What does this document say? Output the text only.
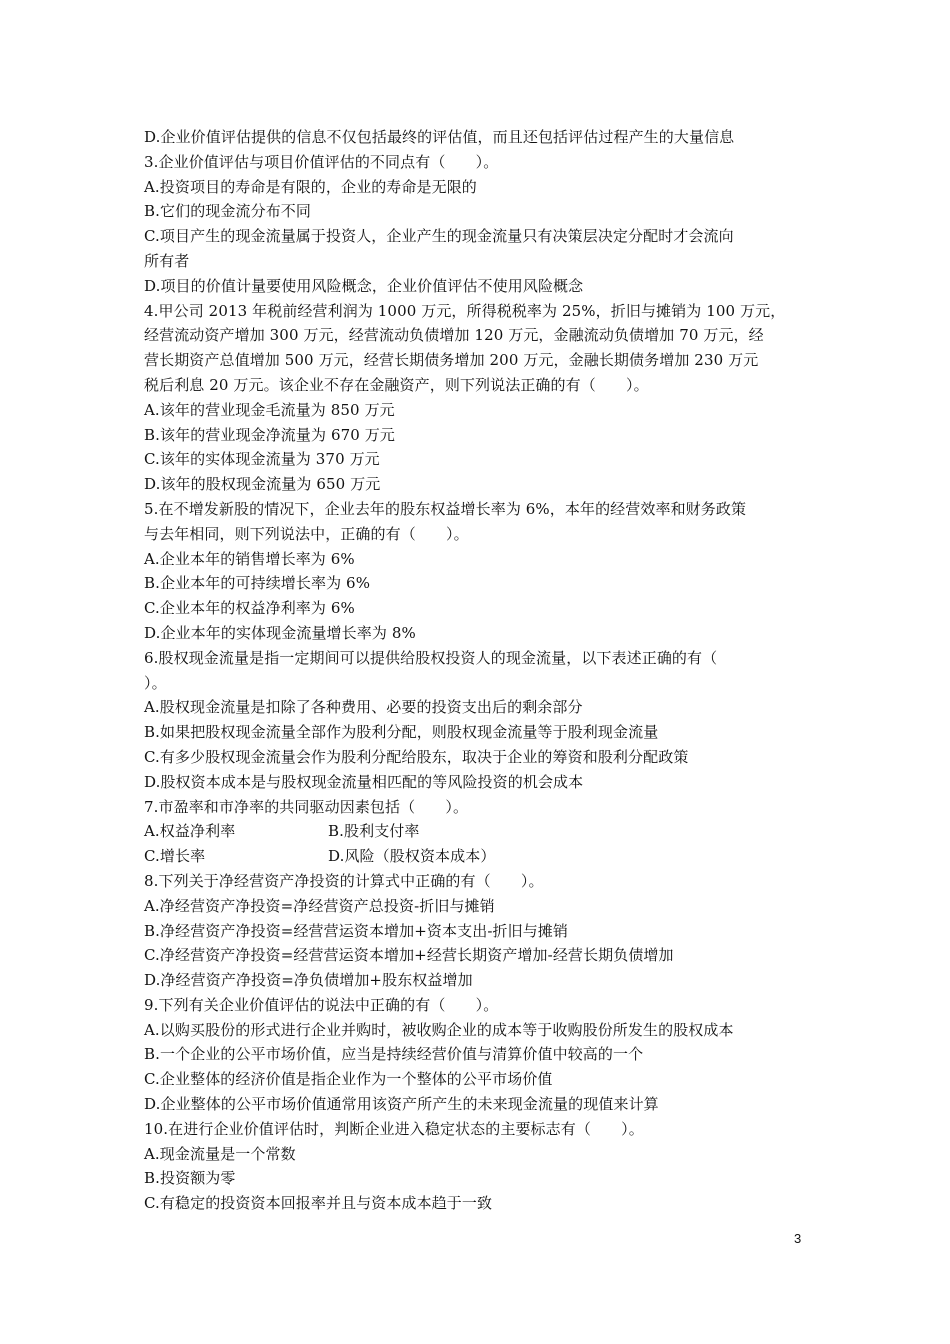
D.企业价值评估提供的信息不仅包括最终的评估值，而且还包括评估过程产生的大量信息
3.企业价值评估与项目价值评估的不同点有（　　）。
A.投资项目的寿命是有限的，企业的寿命是无限的
B.它们的现金流分布不同
C.项目产生的现金流量属于投资人，企业产生的现金流量只有决策层决定分配时才会流向
所有者
D.项目的价值计量要使用风险概念，企业价值评估不使用风险概念
4.甲公司 2013 年税前经营利润为 1000 万元，所得税税率为 25%，折旧与摊销为 100 万元，
经营流动资产增加 300 万元，经营流动负债增加 120 万元，金融流动负债增加 70 万元，经
营长期资产总值增加 500 万元，经营长期债务增加 200 万元，金融长期债务增加 230 万元
税后利息 20 万元。该企业不存在金融资产，则下列说法正确的有（　　）。
A.该年的营业现金毛流量为 850 万元
B.该年的营业现金净流量为 670 万元
C.该年的实体现金流量为 370 万元
D.该年的股权现金流量为 650 万元
5.在不增发新股的情况下，企业去年的股东权益增长率为 6%，本年的经营效率和财务政策
与去年相同，则下列说法中，正确的有（　　）。
A.企业本年的销售增长率为 6%
B.企业本年的可持续增长率为 6%
C.企业本年的权益净利率为 6%
D.企业本年的实体现金流量增长率为 8%
6.股权现金流量是指一定期间可以提供给股权投资人的现金流量，以下表述正确的有（
）。
A.股权现金流量是扣除了各种费用、必要的投资支出后的剩余部分
B.如果把股权现金流量全部作为股利分配，则股权现金流量等于股利现金流量
C.有多少股权现金流量会作为股利分配给股东，取决于企业的筹资和股利分配政策
D.股权资本成本是与股权现金流量相匹配的等风险投资的机会成本
7.市盈率和市净率的共同驱动因素包括（　　）。
A.权益净利率	B.股利支付率
C.增长率	D.风险（股权资本成本）
8.下列关于净经营资产净投资的计算式中正确的有（　　）。
A.净经营资产净投资=净经营资产总投资-折旧与摊销
B.净经营资产净投资=经营营运资本增加+资本支出-折旧与摊销
C.净经营资产净投资=经营营运资本增加+经营长期资产增加-经营长期负债增加
D.净经营资产净投资=净负债增加+股东权益增加
9.下列有关企业价值评估的说法中正确的有（　　）。
A.以购买股份的形式进行企业并购时，被收购企业的成本等于收购股份所发生的股权成本
B.一个企业的公平市场价值，应当是持续经营价值与清算价值中较高的一个
C.企业整体的经济价值是指企业作为一个整体的公平市场价值
D.企业整体的公平市场价值通常用该资产所产生的未来现金流量的现值来计算
10.在进行企业价值评估时，判断企业进入稳定状态的主要标志有（　　）。
A.现金流量是一个常数
B.投资额为零
C.有稳定的投资资本回报率并且与资本成本趋于一致
3
